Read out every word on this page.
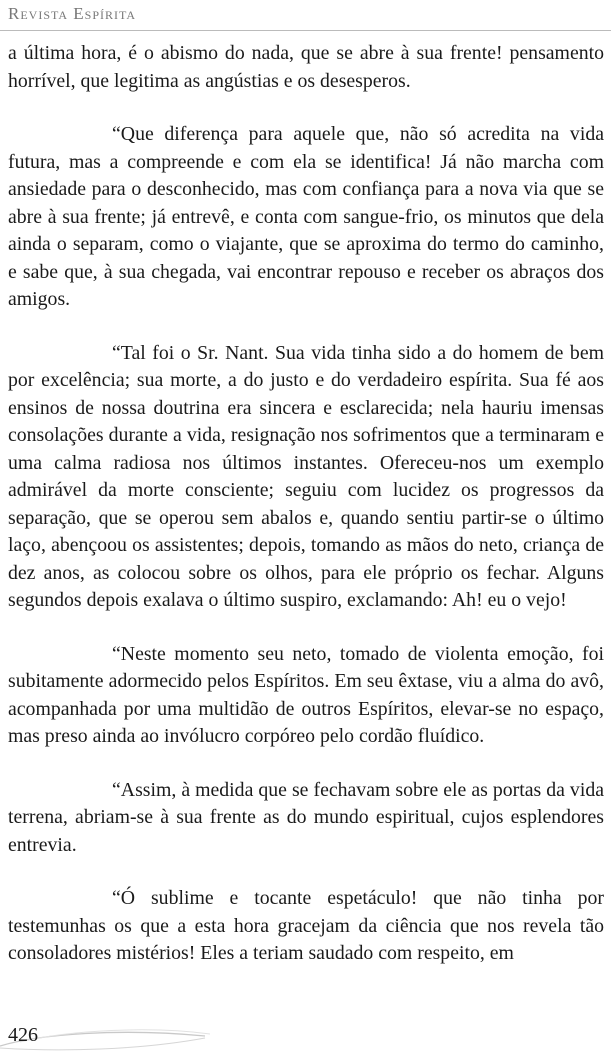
Revista Espírita

a última hora, é o abismo do nada, que se abre à sua frente! pensamento horrível, que legitima as angústias e os desesperos.

“Que diferença para aquele que, não só acredita na vida futura, mas a compreende e com ela se identifica! Já não marcha com ansiedade para o desconhecido, mas com confiança para a nova via que se abre à sua frente; já entrevê, e conta com sangue-frio, os minutos que dela ainda o separam, como o viajante, que se aproxima do termo do caminho, e sabe que, à sua chegada, vai encontrar repouso e receber os abraços dos amigos.

“Tal foi o Sr. Nant. Sua vida tinha sido a do homem de bem por excelência; sua morte, a do justo e do verdadeiro espírita. Sua fé aos ensinos de nossa doutrina era sincera e esclarecida; nela hauriu imensas consolações durante a vida, resignação nos sofrimentos que a terminaram e uma calma radiosa nos últimos instantes. Ofereceu-nos um exemplo admirável da morte consciente; seguiu com lucidez os progressos da separação, que se operou sem abalos e, quando sentiu partir-se o último laço, abençoou os assistentes; depois, tomando as mãos do neto, criança de dez anos, as colocou sobre os olhos, para ele próprio os fechar. Alguns segundos depois exalava o último suspiro, exclamando: Ah! eu o vejo!

“Neste momento seu neto, tomado de violenta emoção, foi subitamente adormecido pelos Espíritos. Em seu êxtase, viu a alma do avô, acompanhada por uma multidão de outros Espíritos, elevar-se no espaço, mas preso ainda ao invólucro corpóreo pelo cordão fluídico.

“Assim, à medida que se fechavam sobre ele as portas da vida terrena, abriam-se à sua frente as do mundo espiritual, cujos esplendores entrevia.

“Ó sublime e tocante espetáculo! que não tinha por testemunhas os que a esta hora gracejam da ciência que nos revela tão consoladores mistérios! Eles a teriam saudado com respeito, em

426
